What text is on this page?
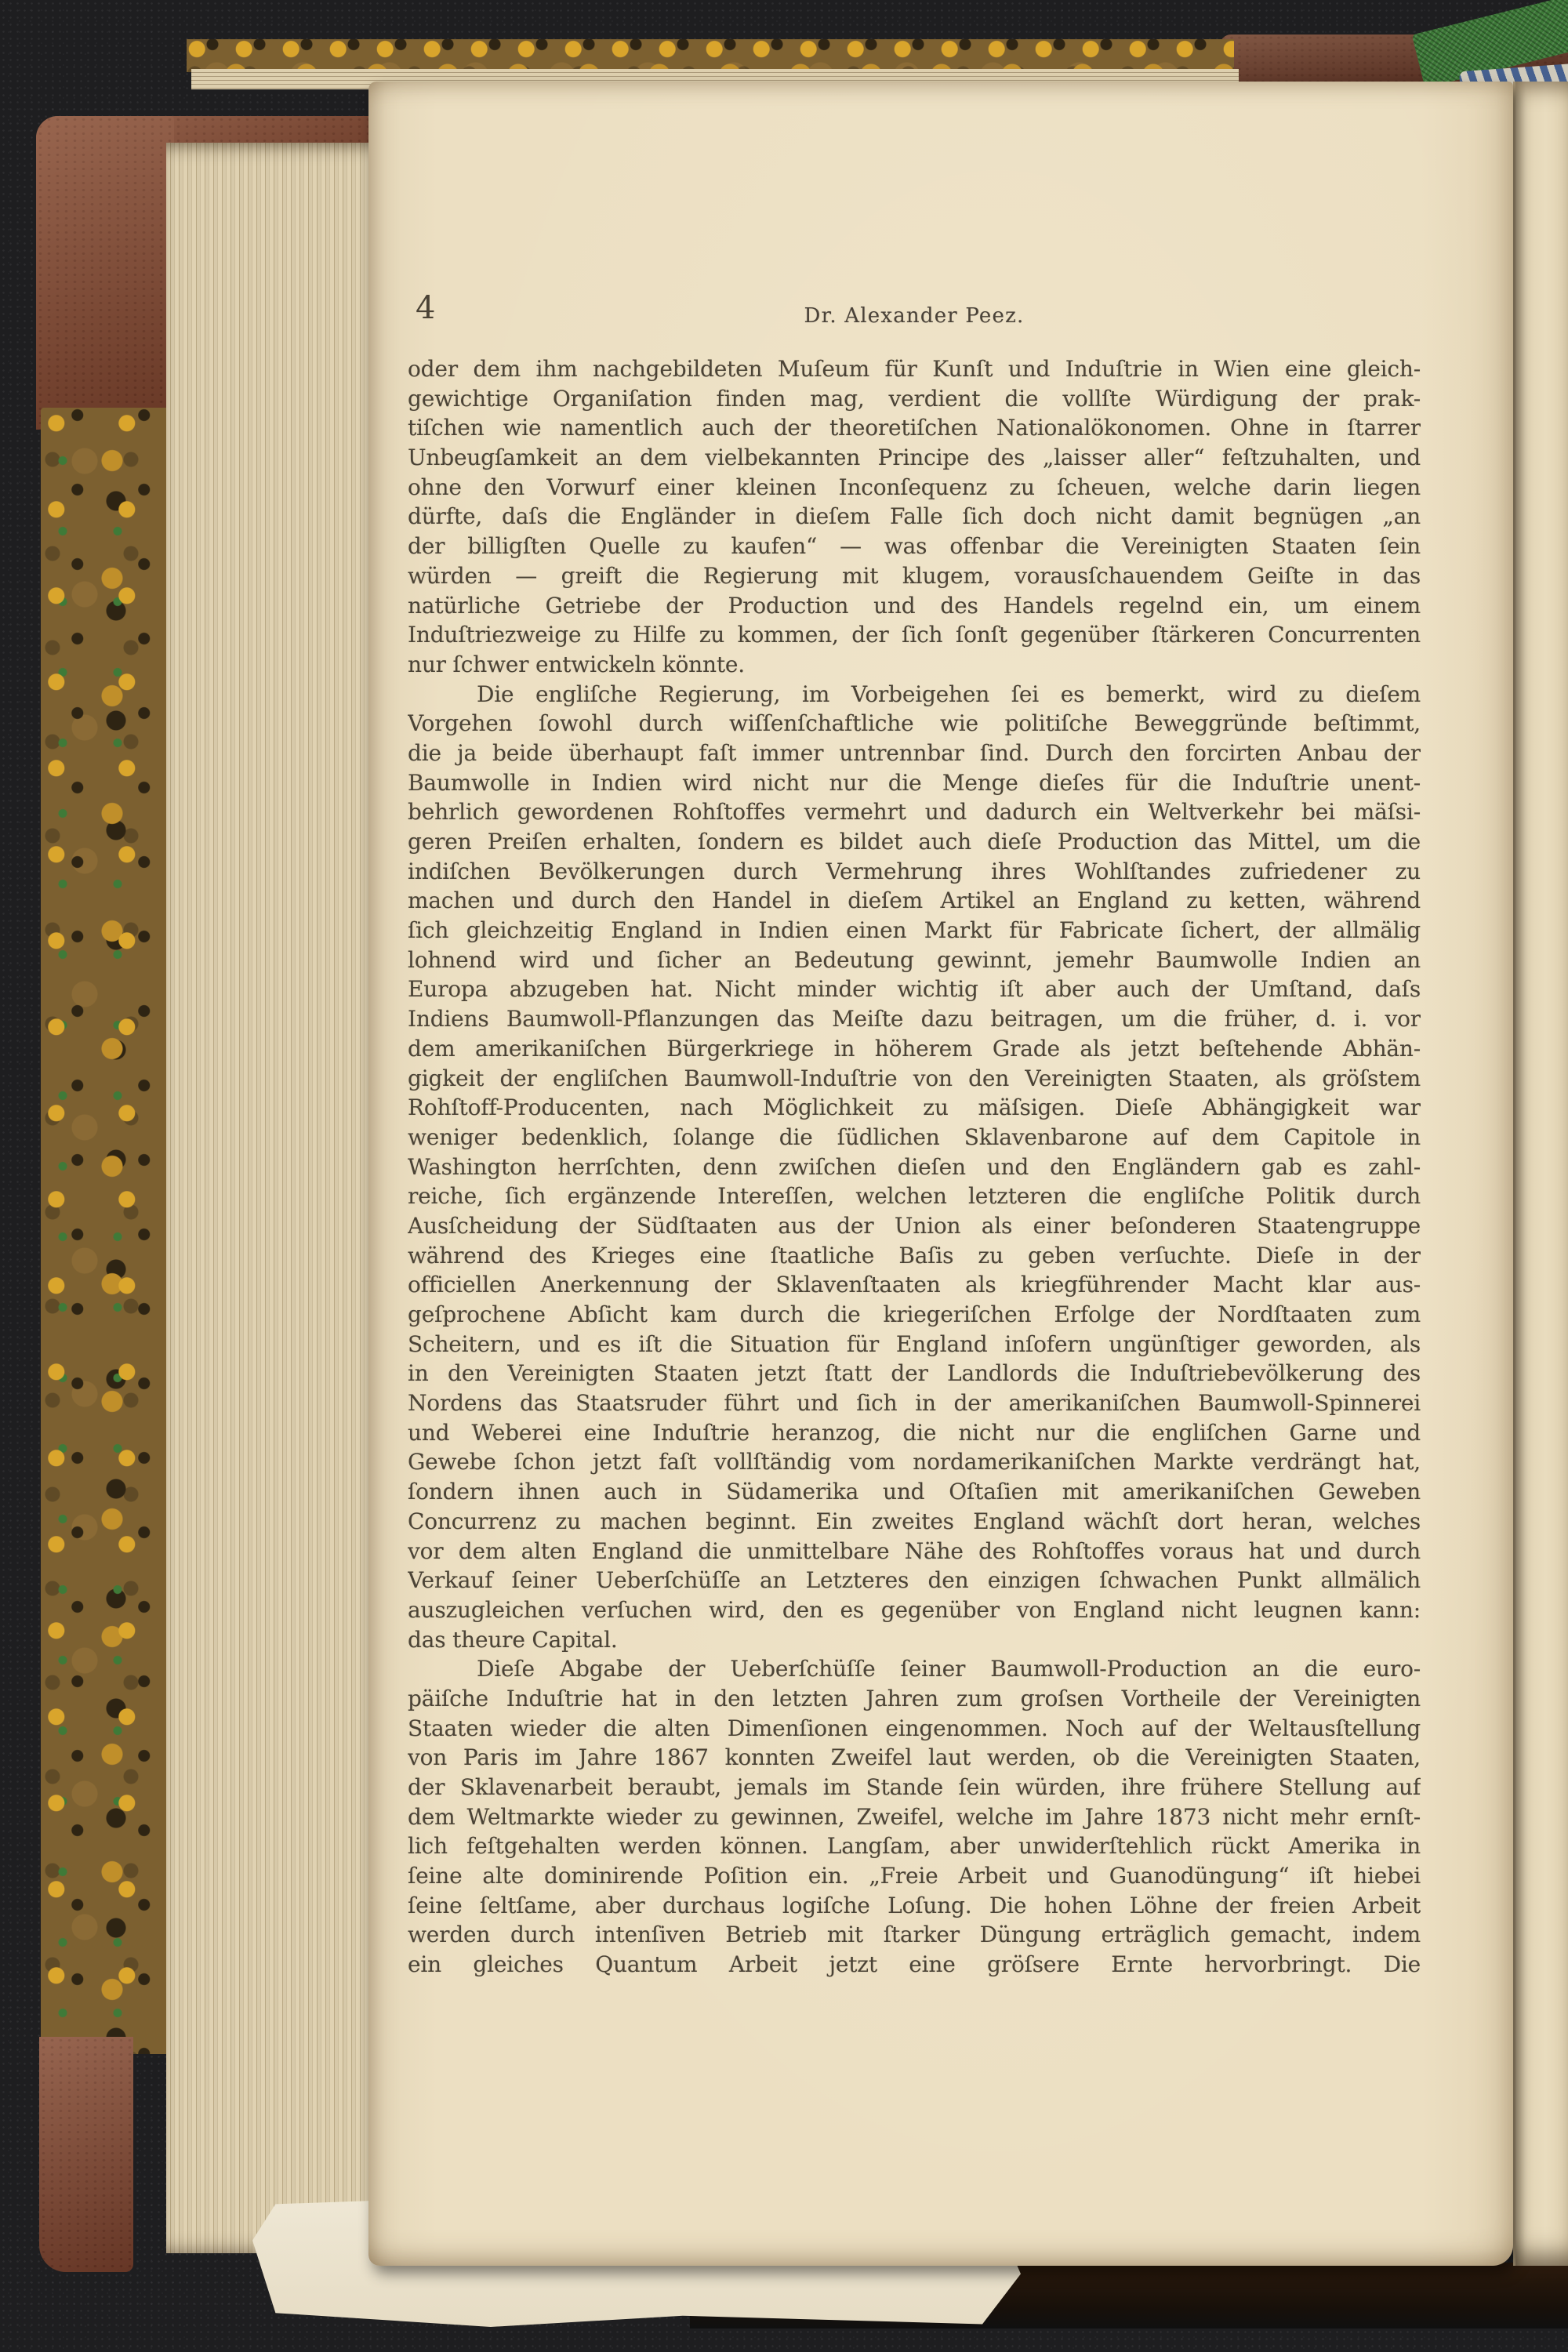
4	Dr. Alexander Peez.
oder dem ihm nachgebildeten Muſeum für Kunſt und Induſtrie in Wien eine gleich-
gewichtige Organiſation finden mag, verdient die vollſte Würdigung der prak-
tiſchen wie namentlich auch der theoretiſchen Nationalökonomen. Ohne in ſtarrer
Unbeugſamkeit an dem vielbekannten Principe des „laisser aller“ feſtzuhalten, und
ohne den Vorwurf einer kleinen Inconſequenz zu ſcheuen, welche darin liegen
dürfte, daſs die Engländer in dieſem Falle ſich doch nicht damit begnügen „an
der billigſten Quelle zu kaufen“ — was offenbar die Vereinigten Staaten ſein
würden — greift die Regierung mit klugem, vorausſchauendem Geiſte in das
natürliche Getriebe der Production und des Handels regelnd ein, um einem
Induſtriezweige zu Hilfe zu kommen, der ſich ſonſt gegenüber ſtärkeren Concurrenten
nur ſchwer entwickeln könnte.
Die engliſche Regierung, im Vorbeigehen ſei es bemerkt, wird zu dieſem
Vorgehen ſowohl durch wiſſenſchaftliche wie politiſche Beweggründe beſtimmt,
die ja beide überhaupt faſt immer untrennbar ſind. Durch den forcirten Anbau der
Baumwolle in Indien wird nicht nur die Menge dieſes für die Induſtrie unent-
behrlich gewordenen Rohſtoffes vermehrt und dadurch ein Weltverkehr bei mäſsi-
geren Preiſen erhalten, ſondern es bildet auch dieſe Production das Mittel, um die
indiſchen Bevölkerungen durch Vermehrung ihres Wohlſtandes zufriedener zu
machen und durch den Handel in dieſem Artikel an England zu ketten, während
ſich gleichzeitig England in Indien einen Markt für Fabricate ſichert, der allmälig
lohnend wird und ſicher an Bedeutung gewinnt, jemehr Baumwolle Indien an
Europa abzugeben hat. Nicht minder wichtig iſt aber auch der Umſtand, daſs
Indiens Baumwoll-Pflanzungen das Meiſte dazu beitragen, um die früher, d. i. vor
dem amerikaniſchen Bürgerkriege in höherem Grade als jetzt beſtehende Abhän-
gigkeit der engliſchen Baumwoll-Induſtrie von den Vereinigten Staaten, als gröſstem
Rohſtoff-Producenten, nach Möglichkeit zu mäſsigen. Dieſe Abhängigkeit war
weniger bedenklich, ſolange die ſüdlichen Sklavenbarone auf dem Capitole in
Washington herrſchten, denn zwiſchen dieſen und den Engländern gab es zahl-
reiche, ſich ergänzende Intereſſen, welchen letzteren die engliſche Politik durch
Ausſcheidung der Südſtaaten aus der Union als einer beſonderen Staatengruppe
während des Krieges eine ſtaatliche Baſis zu geben verſuchte. Dieſe in der
officiellen Anerkennung der Sklavenſtaaten als kriegführender Macht klar aus-
geſprochene Abſicht kam durch die kriegeriſchen Erfolge der Nordſtaaten zum
Scheitern, und es iſt die Situation für England inſofern ungünſtiger geworden, als
in den Vereinigten Staaten jetzt ſtatt der Landlords die Induſtriebevölkerung des
Nordens das Staatsruder führt und ſich in der amerikaniſchen Baumwoll-Spinnerei
und Weberei eine Induſtrie heranzog, die nicht nur die engliſchen Garne und
Gewebe ſchon jetzt faſt vollſtändig vom nordamerikaniſchen Markte verdrängt hat,
ſondern ihnen auch in Südamerika und Oſtaſien mit amerikaniſchen Geweben
Concurrenz zu machen beginnt. Ein zweites England wächſt dort heran, welches
vor dem alten England die unmittelbare Nähe des Rohſtoffes voraus hat und durch
Verkauf ſeiner Ueberſchüſſe an Letzteres den einzigen ſchwachen Punkt allmälich
auszugleichen verſuchen wird, den es gegenüber von England nicht leugnen kann:
das theure Capital.
Dieſe Abgabe der Ueberſchüſſe ſeiner Baumwoll-Production an die euro-
päiſche Induſtrie hat in den letzten Jahren zum groſsen Vortheile der Vereinigten
Staaten wieder die alten Dimenſionen eingenommen. Noch auf der Weltausſtellung
von Paris im Jahre 1867 konnten Zweifel laut werden, ob die Vereinigten Staaten,
der Sklavenarbeit beraubt, jemals im Stande ſein würden, ihre frühere Stellung auf
dem Weltmarkte wieder zu gewinnen, Zweifel, welche im Jahre 1873 nicht mehr ernſt-
lich feſtgehalten werden können. Langſam, aber unwiderſtehlich rückt Amerika in
ſeine alte dominirende Poſition ein. „Freie Arbeit und Guanodüngung“ iſt hiebei
ſeine ſeltſame, aber durchaus logiſche Loſung. Die hohen Löhne der freien Arbeit
werden durch intenſiven Betrieb mit ſtarker Düngung erträglich gemacht, indem
ein gleiches Quantum Arbeit jetzt eine gröſsere Ernte hervorbringt. Die
